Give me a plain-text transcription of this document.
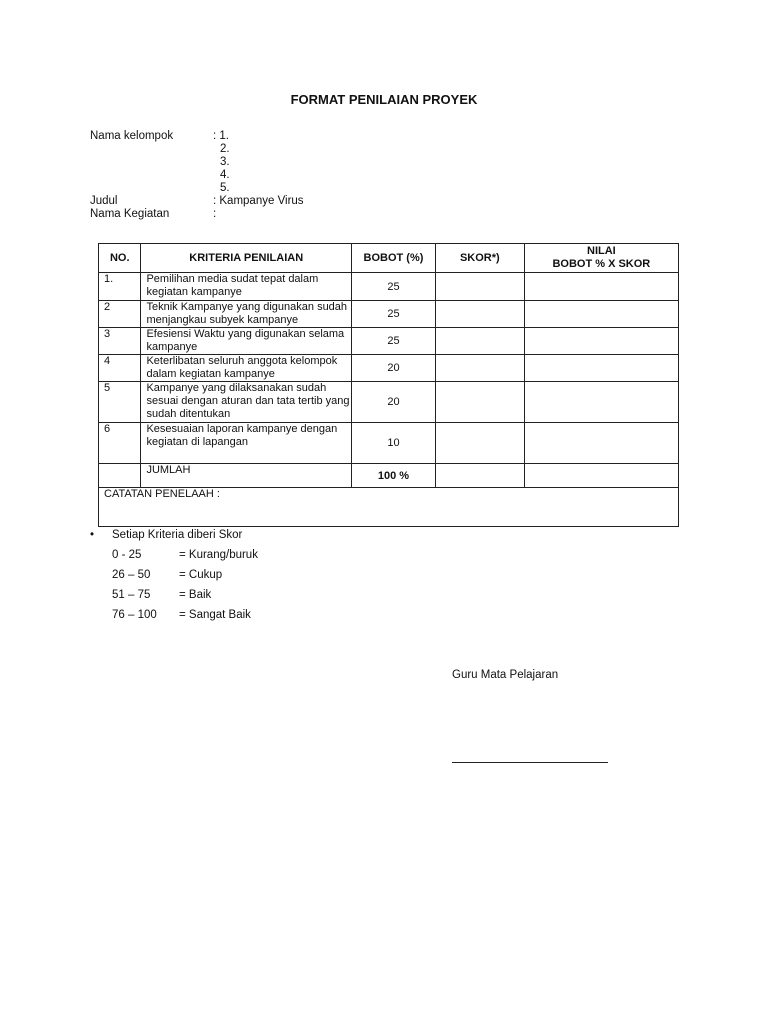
FORMAT PENILAIAN PROYEK
Nama kelompok	: 1.
2.
3.
4.
5.
Judul	: Kampanye Virus
Nama Kegiatan	:
NO.	KRITERIA PENILAIAN	BOBOT (%)	SKOR*)	NILAI
BOBOT % X SKOR

1.	Pemilihan media sudat tepat dalam kegiatan kampanye	25		
2	Teknik Kampanye yang digunakan sudah menjangkau subyek kampanye	25		
3	Efesiensi Waktu yang digunakan selama kampanye	25		
4	Keterlibatan seluruh anggota kelompok dalam kegiatan kampanye	20		
5	Kampanye yang dilaksanakan sudah sesuai dengan aturan dan tata tertib yang sudah ditentukan	20		
6	Kesesuaian laporan kampanye dengan kegiatan di lapangan	10		
	JUMLAH	100 %		
CATATAN PENELAAH :				
• Setiap Kriteria diberi Skor
0 - 25	= Kurang/buruk
26 – 50 = Cukup
51 – 75 = Baik
76 – 100 = Sangat Baik
Guru Mata Pelajaran
